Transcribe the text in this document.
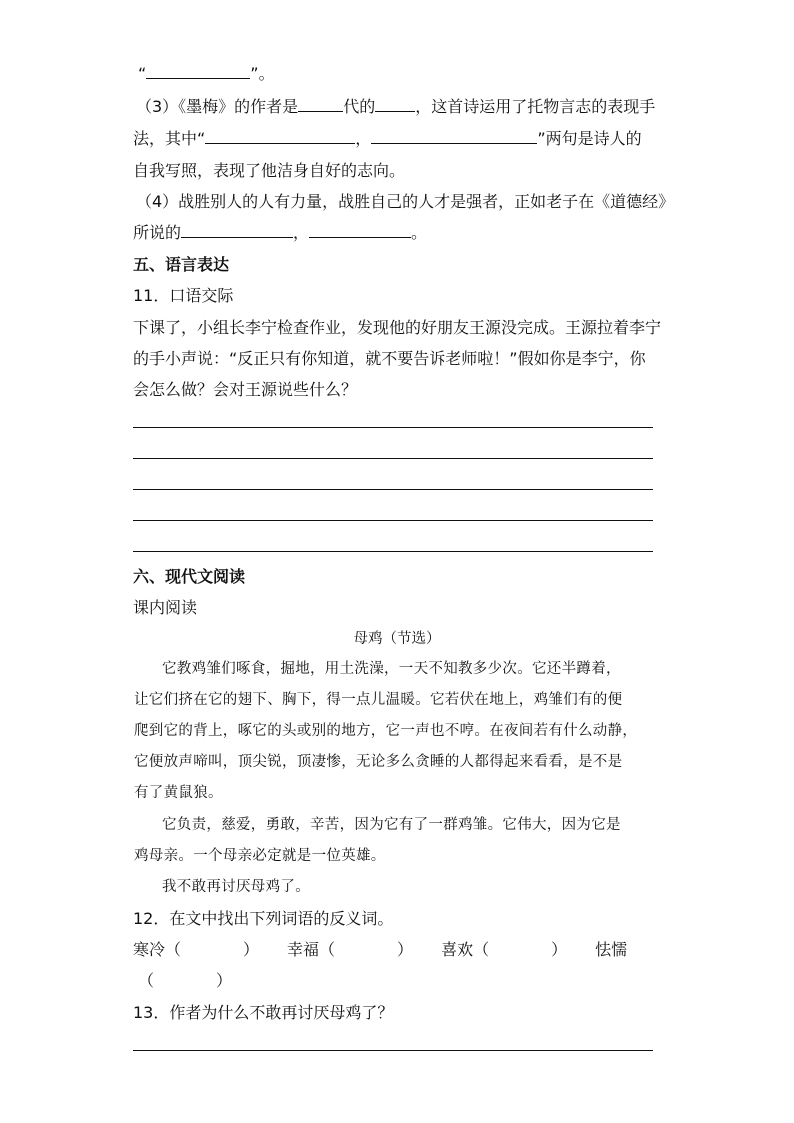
“	”。
（3）《墨梅》的作者是	代的	，这首诗运用了托物言志的表现手
法，其中“	，	”两句是诗人的
自我写照，表现了他洁身自好的志向。
（4）战胜别人的人有力量，战胜自己的人才是强者，正如老子在《道德经》
所说的	，	。
五、语言表达
11．口语交际
下课了，小组长李宁检查作业，发现他的好朋友王源没完成。王源拉着李宁
的手小声说：“反正只有你知道，就不要告诉老师啦！”假如你是李宁，你
会怎么做？会对王源说些什么？
六、现代文阅读
课内阅读
母鸡（节选）
它教鸡雏们啄食，掘地，用土洗澡，一天不知教多少次。它还半蹲着，
让它们挤在它的翅下、胸下，得一点儿温暖。它若伏在地上，鸡雏们有的便
爬到它的背上，啄它的头或别的地方，它一声也不哼。在夜间若有什么动静，
它便放声啼叫，顶尖锐，顶凄惨，无论多么贪睡的人都得起来看看，是不是
有了黄鼠狼。
它负责，慈爱，勇敢，辛苦，因为它有了一群鸡雏。它伟大，因为它是
鸡母亲。一个母亲必定就是一位英雄。
我不敢再讨厌母鸡了。
12．在文中找出下列词语的反义词。
寒冷（	） 幸福（	） 喜欢（	） 怯懦
（	）
13．作者为什么不敢再讨厌母鸡了？
